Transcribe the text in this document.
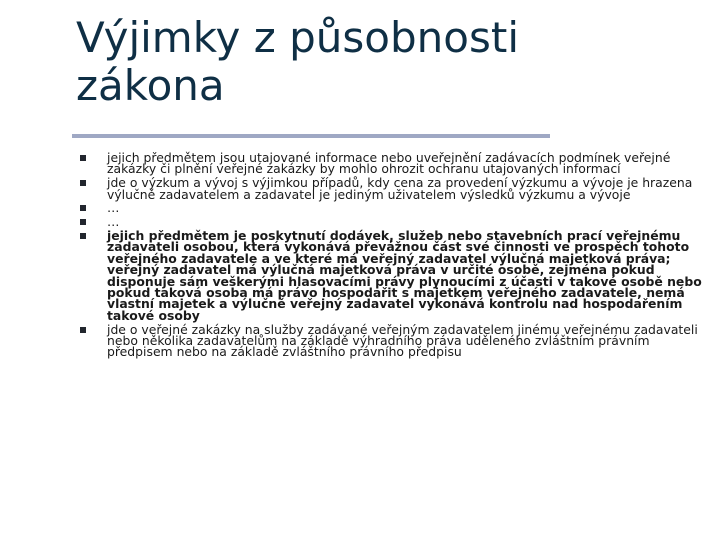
Výjimky z působnosti
zákona
jejich předmětem jsou utajované informace nebo uveřejnění zadávacích podmínek veřejné zakázky či plnění veřejné zakázky by mohlo ohrozit ochranu utajovaných informací
jde o výzkum a vývoj s výjimkou případů, kdy cena za provedení výzkumu a vývoje je hrazena výlučně zadavatelem a zadavatel je jediným uživatelem výsledků výzkumu a vývoje
…
…
jejich předmětem je poskytnutí dodávek, služeb nebo stavebních prací veřejnému zadavateli osobou, která vykonává převážnou část své činnosti ve prospěch tohoto veřejného zadavatele a ve které má veřejný zadavatel výlučná majetková práva; veřejný zadavatel má výlučná majetková práva v určité osobě, zejména pokud disponuje sám veškerými hlasovacími právy plynoucími z účasti v takové osobě nebo pokud taková osoba má právo hospodařit s majetkem veřejného zadavatele, nemá vlastní majetek a výlučně veřejný zadavatel vykonává kontrolu nad hospodařením takové osoby
jde o veřejné zakázky na služby zadávané veřejným zadavatelem jinému veřejnému zadavateli nebo několika zadavatelům na základě výhradního práva uděleného zvláštním právním předpisem nebo na základě zvláštního právního předpisu
